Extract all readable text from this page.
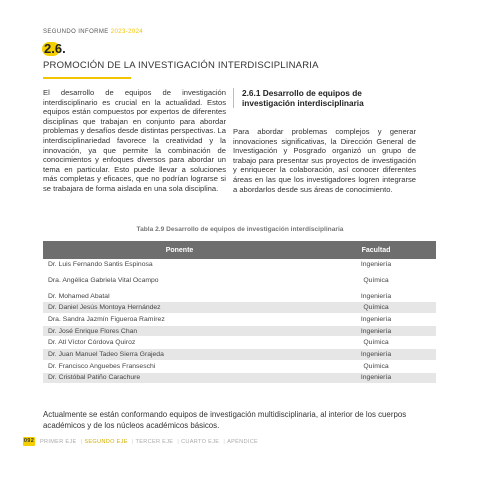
SEGUNDO INFORME 2023-2024
2.6.
PROMOCIÓN DE LA INVESTIGACIÓN INTERDISCIPLINARIA
El desarrollo de equipos de investigación interdisciplinario es crucial en la actualidad. Estos equipos están compuestos por expertos de diferentes disciplinas que trabajan en conjunto para abordar problemas y desafíos desde distintas perspectivas. La interdisciplinariedad favorece la creatividad y la innovación, ya que permite la combinación de conocimientos y enfoques diversos para abordar un tema en particular. Esto puede llevar a soluciones más completas y eficaces, que no podrían lograrse si se trabajara de forma aislada en una sola disciplina.
2.6.1 Desarrollo de equipos de investigación interdisciplinaria
Para abordar problemas complejos y generar innovaciones significativas, la Dirección General de Investigación y Posgrado organizó un grupo de trabajo para presentar sus proyectos de investigación y enriquecer la colaboración, así conocer diferentes áreas en las que los investigadores logren integrarse a abordarlos desde sus áreas de conocimiento.
Tabla 2.9 Desarrollo de equipos de investigación interdisciplinaria
Ponente	Facultad
Dr. Luis Fernando Santis Espinosa	Ingeniería
Dra. Angélica Gabriela Vital Ocampo	Química
Dr. Mohamed Abatal	Ingeniería
Dr. Daniel Jesús Montoya Hernández	Química
Dra. Sandra Jazmín Figueroa Ramírez	Ingeniería
Dr. José Enrique Flores Chan	Ingeniería
Dr. Atl Víctor Córdova Quiroz	Química
Dr. Juan Manuel Tadeo Sierra Grajeda	Ingeniería
Dr. Francisco Anguebes Franseschi	Química
Dr. Cristóbal Patiño Carachure	Ingeniería
Actualmente se están conformando equipos de investigación multidisciplinaria, al interior de los cuerpos académicos y de los núcleos académicos básicos.
092 PRIMER EJE | SEGUNDO EJE | TERCER EJE | CUARTO EJE | APÉNDICE
